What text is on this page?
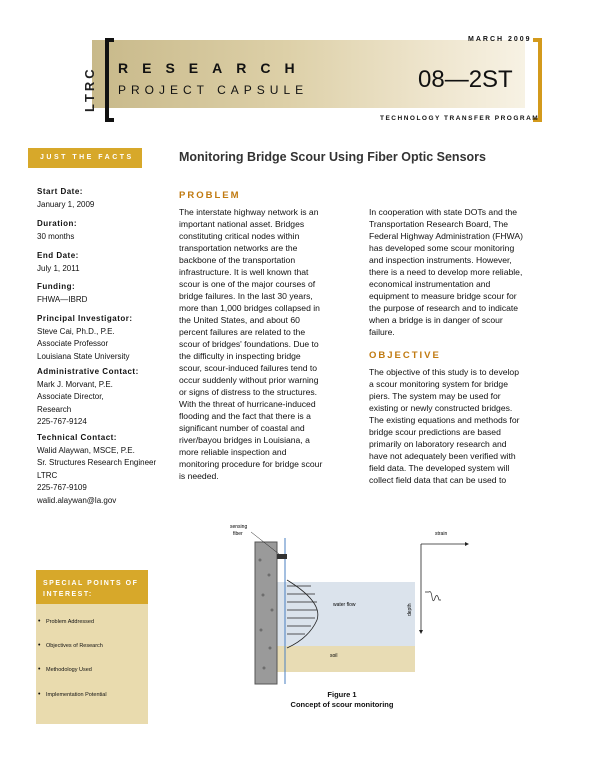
LTRC
MARCH 2009
RESEARCH
PROJECT CAPSULE	08—2ST
TECHNOLOGY TRANSFER PROGRAM
JUST THE FACTS	Monitoring Bridge Scour Using Fiber Optic Sensors
PROBLEM
The interstate highway network is an
important national asset. Bridges
constituting critical nodes within
transportation networks are the
backbone of the transportation
infrastructure. It is well known that
scour is one of the major courses of
bridge failures. In the last 30 years,
more than 1,000 bridges collapsed in
the United States, and about 60
percent failures are related to the
scour of bridges' foundations. Due to
the difficulty in inspecting bridge
scour, scour-induced failures tend to
occur suddenly without prior warning
or signs of distress to the structures.
With the threat of hurricane-induced
flooding and the fact that there is a
significant number of coastal and
river/bayou bridges in Louisiana, a
more reliable inspection and
monitoring procedure for bridge scour
is needed.
In cooperation with state DOTs and the
Transportation Research Board, The
Federal Highway Administration (FHWA)
has developed some scour monitoring
and inspection instruments. However,
there is a need to develop more reliable,
economical instrumentation and
equipment to measure bridge scour for
the purpose of research and to indicate
when a bridge is in danger of scour
failure.
OBJECTIVE
The objective of this study is to develop
a scour monitoring system for bridge
piers. The system may be used for
existing or newly constructed bridges.
The existing equations and methods for
bridge scour predictions are based
primarily on laboratory research and
have not adequately been verified with
field data. The developed system will
collect field data that can be used to
SPECIAL POINTS OF INTEREST:
• Problem Addressed
• Objectives of Research
• Methodology Used
• Implementation Potential
sensing
fiber
water flow
soil
strain
depth
Figure 1
Concept of scour monitoring
Start Date:
January 1, 2009
Duration:
30 months
End Date:
July 1, 2011
Funding:
FHWA—IBRD
Principal Investigator:
Steve Cai, Ph.D., P.E.
Associate Professor
Louisiana State University
Administrative Contact:
Mark J. Morvant, P.E.
Associate Director,
Research
225-767-9124
Technical Contact:
Walid Alaywan, MSCE, P.E.
Sr. Structures Research Engineer
LTRC
225-767-9109
walid.alaywan@la.gov
